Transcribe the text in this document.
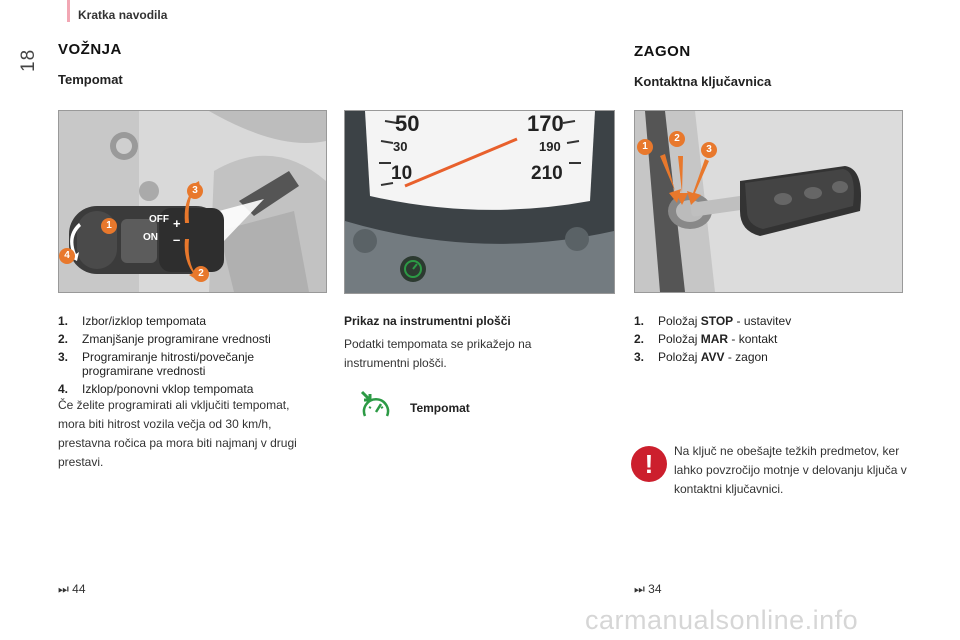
Kratka navodila
18 VOŽNJA
Tempomat
OFF
ON
+
–
1
2
3
4
1.	Izbor/izklop tempomata
2.	Zmanjšanje programirane vrednosti
3.	Programiranje hitrosti/povečanje programirane vrednosti
4.	Izklop/ponovni vklop tempomata

Če želite programirati ali vključiti tempomat, mora biti hitrost vozila večja od 30 km/h, prestavna ročica pa mora biti najmanj v drugi prestavi.

⏭ 44
50
30
10
170
190
210
Prikaz na instrumentni plošči

Podatki tempomata se prikažejo na instrumentni plošči.

Tempomat
ZAGON
Kontaktna ključavnica
1
2
3
1.	Položaj STOP - ustavitev
2.	Položaj MAR - kontakt
3.	Položaj AVV - zagon
!	Na ključ ne obešajte težkih predmetov, ker lahko povzročijo motnje v delovanju ključa v kontaktni ključavnici.

⏭ 34
carmanualsonline.info
